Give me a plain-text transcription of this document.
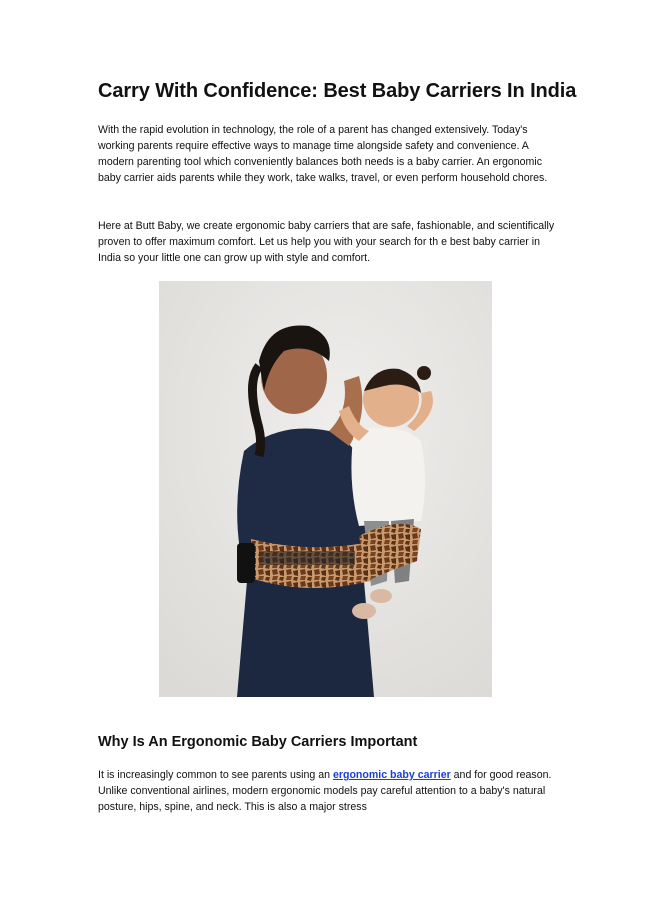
Carry With Confidence: Best Baby Carriers In India

With the rapid evolution in technology, the role of a parent has changed extensively. Today's working parents require effective ways to manage time alongside safety and convenience. A modern parenting tool which conveniently balances both needs is a baby carrier. An ergonomic baby carrier aids parents while they work, take walks, travel, or even perform household chores.

Here at Butt Baby, we create ergonomic baby carriers that are safe, fashionable, and scientifically proven to offer maximum comfort. Let us help you with your search for th e best baby carrier in India so your little one can grow up with style and comfort.

Why Is An Ergonomic Baby Carriers Important

It is increasingly common to see parents using an ergonomic baby carrier and for good reason. Unlike conventional airlines, modern ergonomic models pay careful attention to a baby's natural posture, hips, spine, and neck. This is also a major stress
